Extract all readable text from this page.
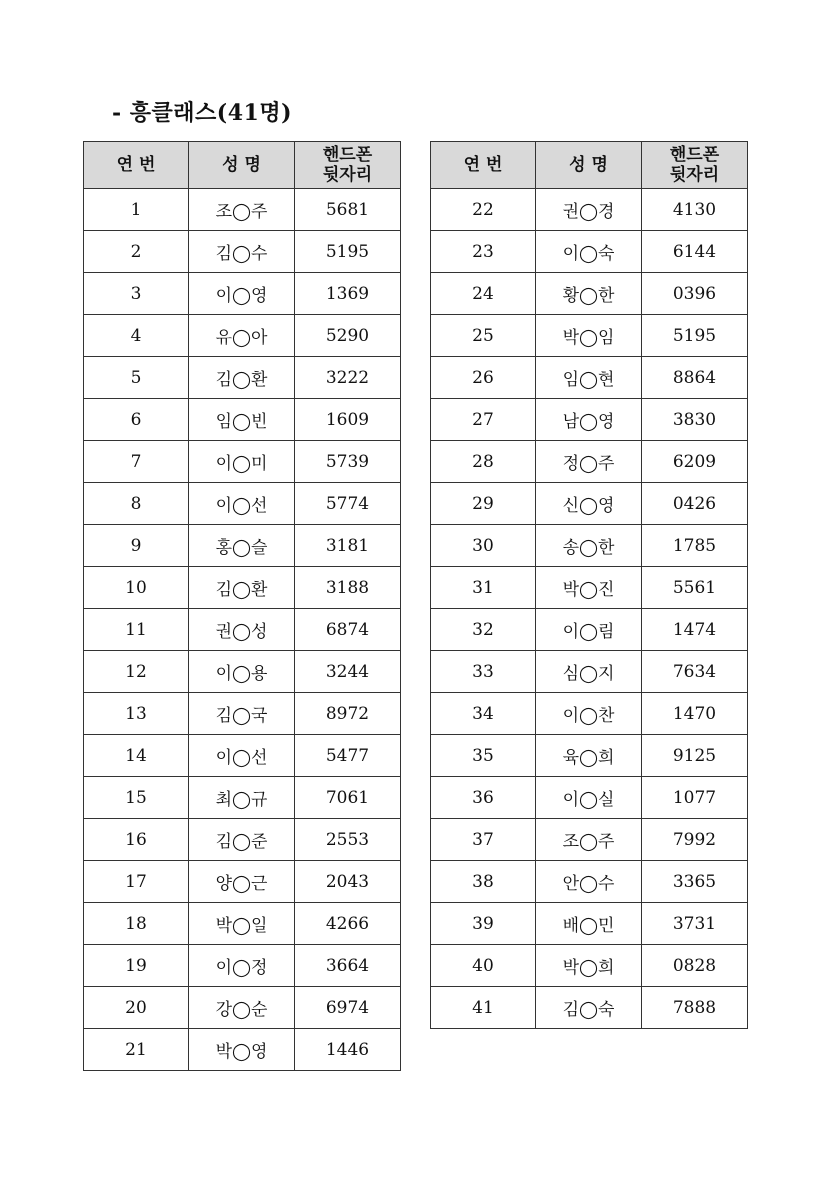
- 흥클래스(41명)
연 번	성 명	핸드폰
뒷자리
1	조◯주	5681
2	김◯수	5195
3	이◯영	1369
4	유◯아	5290
5	김◯환	3222
6	임◯빈	1609
7	이◯미	5739
8	이◯선	5774
9	홍◯슬	3181
10	김◯환	3188
11	권◯성	6874
12	이◯용	3244
13	김◯국	8972
14	이◯선	5477
15	최◯규	7061
16	김◯준	2553
17	양◯근	2043
18	박◯일	4266
19	이◯정	3664
20	강◯순	6974
21	박◯영	1446
연 번	성 명	핸드폰
뒷자리
22	권◯경	4130
23	이◯숙	6144
24	황◯한	0396
25	박◯임	5195
26	임◯현	8864
27	남◯영	3830
28	정◯주	6209
29	신◯영	0426
30	송◯한	1785
31	박◯진	5561
32	이◯림	1474
33	심◯지	7634
34	이◯찬	1470
35	육◯희	9125
36	이◯실	1077
37	조◯주	7992
38	안◯수	3365
39	배◯민	3731
40	박◯희	0828
41	김◯숙	7888
